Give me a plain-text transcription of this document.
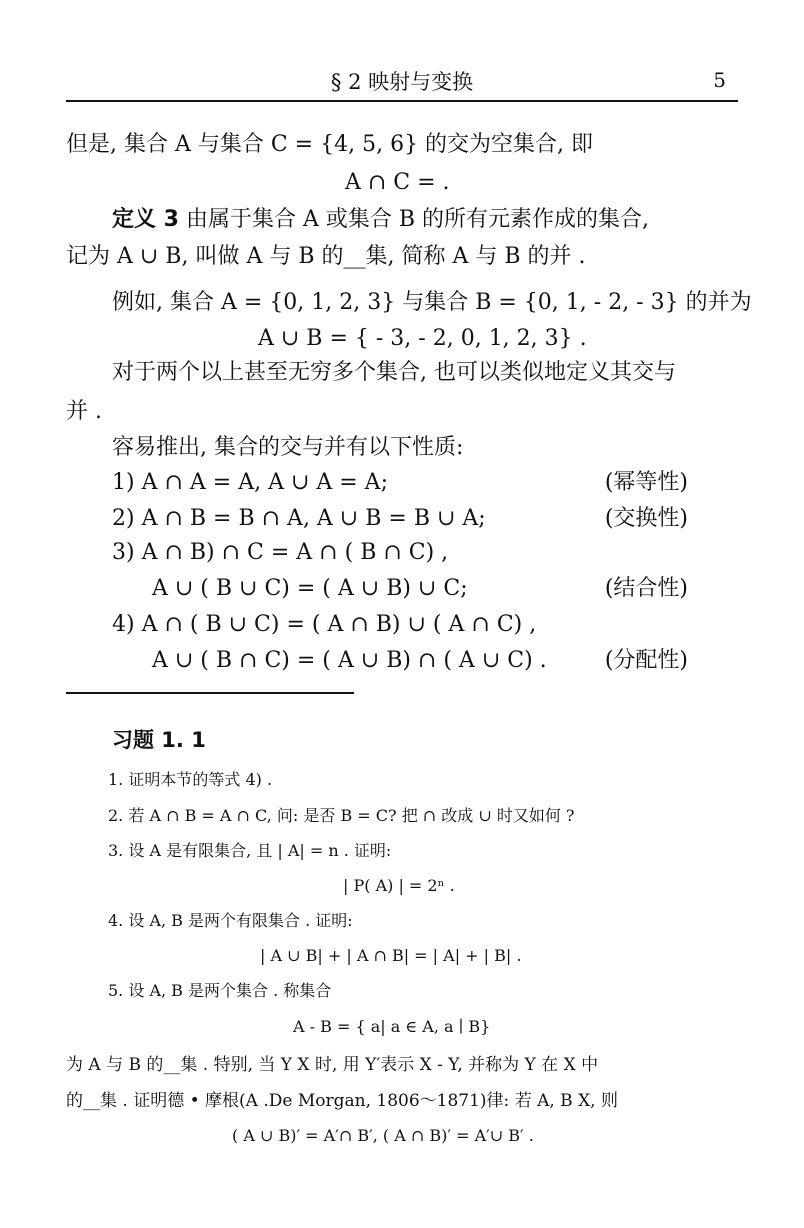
§ 2 映射与变换	5
但是, 集合 A 与集合 C = {4, 5, 6} 的交为空集合, 即
A ∩ C = .
定义 3 由属于集合 A 或集合 B 的所有元素作成的集合,
记为 A ∪ B, 叫做 A 与 B 的__集, 简称 A 与 B 的并 .
例如, 集合 A = {0, 1, 2, 3} 与集合 B = {0, 1, - 2, - 3} 的并为
A ∪ B = { - 3, - 2, 0, 1, 2, 3} .
对于两个以上甚至无穷多个集合, 也可以类似地定义其交与
并 .
容易推出, 集合的交与并有以下性质:
1) A ∩ A = A, A ∪ A = A;	(幂等性)
2) A ∩ B = B ∩ A, A ∪ B = B ∪ A;	(交换性)
3) A ∩ B) ∩ C = A ∩ ( B ∩ C) ,
A ∪ ( B ∪ C) = ( A ∪ B) ∪ C;	(结合性)
4) A ∩ ( B ∪ C) = ( A ∩ B) ∪ ( A ∩ C) ,
A ∪ ( B ∩ C) = ( A ∪ B) ∩ ( A ∪ C) .	(分配性)
习题 1. 1
1. 证明本节的等式 4) .
2. 若 A ∩ B = A ∩ C, 问: 是否 B = C? 把 ∩ 改成 ∪ 时又如何 ?
3. 设 A 是有限集合, 且 | A| = n . 证明:
| P( A) | = 2ⁿ .
4. 设 A, B 是两个有限集合 . 证明:
| A ∪ B| + | A ∩ B| = | A| + | B| .
5. 设 A, B 是两个集合 . 称集合
A - B = { a| a ∈ A, a ∣ B}
为 A 与 B 的__集 . 特别, 当 Y X 时, 用 Y′表示 X - Y, 并称为 Y 在 X 中
的__集 . 证明德 • 摩根(A .De Morgan, 1806～1871)律: 若 A, B X, 则
( A ∪ B)′ = A′∩ B′, ( A ∩ B)′ = A′∪ B′ .
